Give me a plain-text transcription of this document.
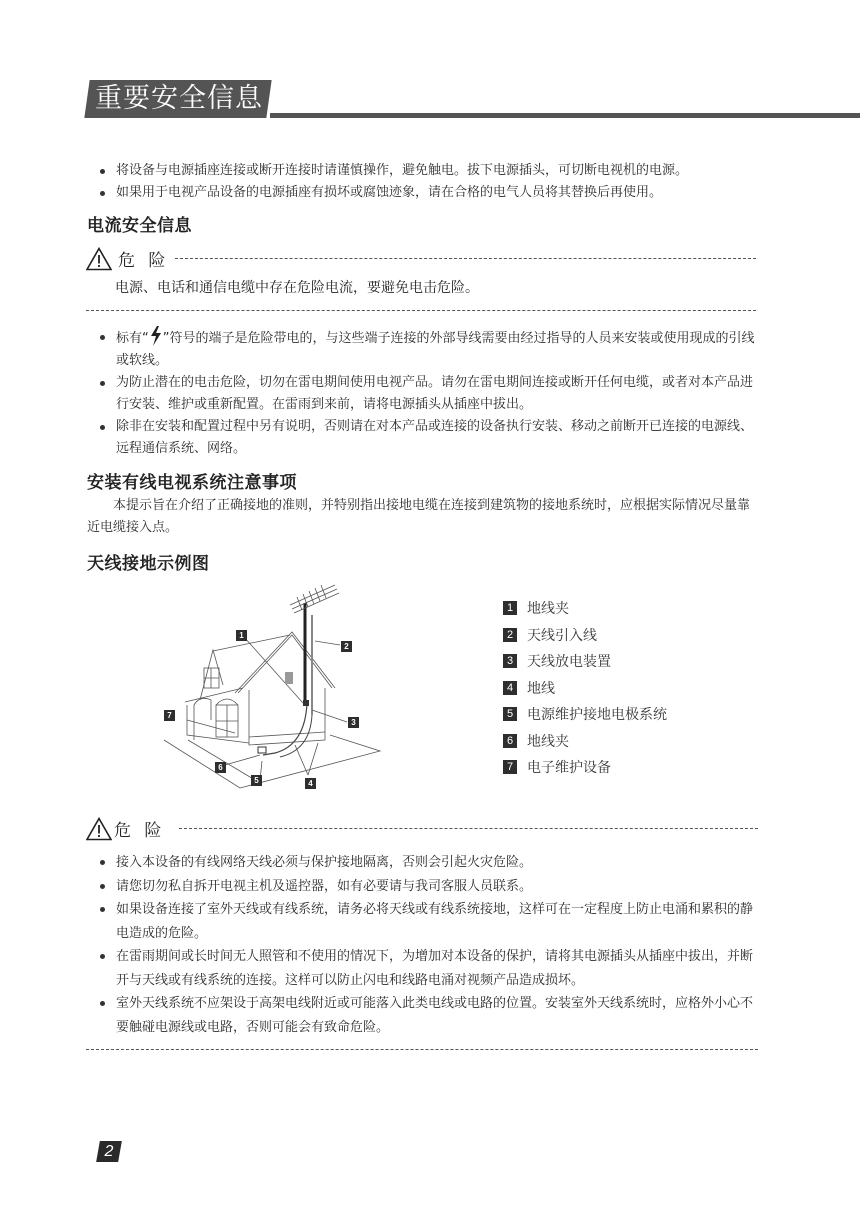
重要安全信息
将设备与电源插座连接或断开连接时请谨慎操作，避免触电。拔下电源插头，可切断电视机的电源。
如果用于电视产品设备的电源插座有损坏或腐蚀迹象，请在合格的电气人员将其替换后再使用。
电流安全信息
危 险
电源、电话和通信电缆中存在危险电流，要避免电击危险。
标有“ ”符号的端子是危险带电的，与这些端子连接的外部导线需要由经过指导的人员来安装或使用现成的引线或软线。
为防止潜在的电击危险，切勿在雷电期间使用电视产品。请勿在雷电期间连接或断开任何电缆，或者对本产品进行安装、维护或重新配置。在雷雨到来前，请将电源插头从插座中拔出。
除非在安装和配置过程中另有说明，否则请在对本产品或连接的设备执行安装、移动之前断开已连接的电源线、远程通信系统、网络。
安装有线电视系统注意事项
本提示旨在介绍了正确接地的准则，并特别指出接地电缆在连接到建筑物的接地系统时，应根据实际情况尽量靠近电缆接入点。
天线接地示例图
1
2
3
4
5
6
7
1 地线夹
2 天线引入线
3 天线放电装置
4 地线
5 电源维护接地电极系统
6 地线夹
7 电子维护设备
危 险
接入本设备的有线网络天线必须与保护接地隔离，否则会引起火灾危险。
请您切勿私自拆开电视主机及遥控器，如有必要请与我司客服人员联系。
如果设备连接了室外天线或有线系统，请务必将天线或有线系统接地，这样可在一定程度上防止电涌和累积的静电造成的危险。
在雷雨期间或长时间无人照管和不使用的情况下，为增加对本设备的保护，请将其电源插头从插座中拔出，并断开与天线或有线系统的连接。这样可以防止闪电和线路电涌对视频产品造成损坏。
室外天线系统不应架设于高架电线附近或可能落入此类电线或电路的位置。安装室外天线系统时，应格外小心不要触碰电源线或电路，否则可能会有致命危险。
2
